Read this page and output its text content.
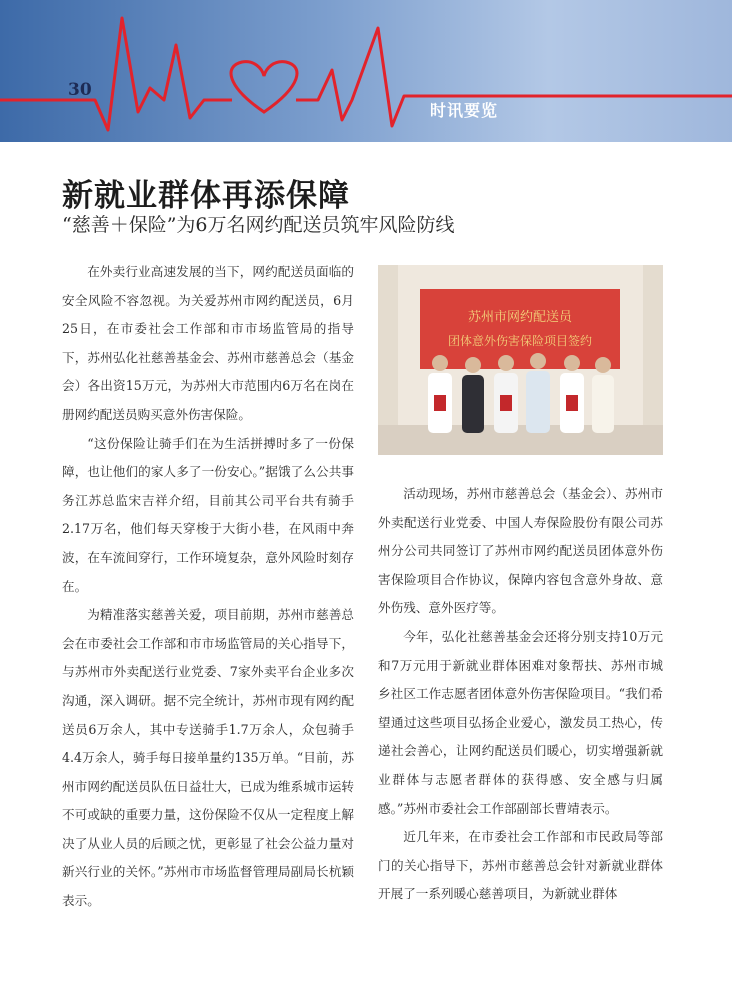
30
时讯要览
新就业群体再添保障
“慈善＋保险”为6万名网约配送员筑牢风险防线

在外卖行业高速发展的当下，网约配送员面临的安全风险不容忽视。为关爱苏州市网约配送员，6月25日，在市委社会工作部和市市场监管局的指导下，苏州弘化社慈善基金会、苏州市慈善总会（基金会）各出资15万元，为苏州大市范围内6万名在岗在册网约配送员购买意外伤害保险。

“这份保险让骑手们在为生活拼搏时多了一份保障，也让他们的家人多了一份安心。”据饿了么公共事务江苏总监宋吉祥介绍，目前其公司平台共有骑手2.17万名，他们每天穿梭于大街小巷，在风雨中奔波，在车流间穿行，工作环境复杂，意外风险时刻存在。

为精准落实慈善关爱，项目前期，苏州市慈善总会在市委社会工作部和市市场监管局的关心指导下，与苏州市外卖配送行业党委、7家外卖平台企业多次沟通，深入调研。据不完全统计，苏州市现有网约配送员6万余人，其中专送骑手1.7万余人，众包骑手4.4万余人，骑手每日接单量约135万单。“目前，苏州市网约配送员队伍日益壮大，已成为维系城市运转不可或缺的重要力量，这份保险不仅从一定程度上解决了从业人员的后顾之忧，更彰显了社会公益力量对新兴行业的关怀。”苏州市市场监督管理局副局长杭颖表示。

苏州市网约配送员
团体意外伤害保险项目签约

活动现场，苏州市慈善总会（基金会）、苏州市外卖配送行业党委、中国人寿保险股份有限公司苏州分公司共同签订了苏州市网约配送员团体意外伤害保险项目合作协议，保障内容包含意外身故、意外伤残、意外医疗等。

今年，弘化社慈善基金会还将分别支持10万元和7万元用于新就业群体困难对象帮扶、苏州市城乡社区工作志愿者团体意外伤害保险项目。“我们希望通过这些项目弘扬企业爱心，激发员工热心，传递社会善心，让网约配送员们暖心，切实增强新就业群体与志愿者群体的获得感、安全感与归属感。”苏州市委社会工作部副部长曹靖表示。

近几年来，在市委社会工作部和市民政局等部门的关心指导下，苏州市慈善总会针对新就业群体开展了一系列暖心慈善项目，为新就业群体
